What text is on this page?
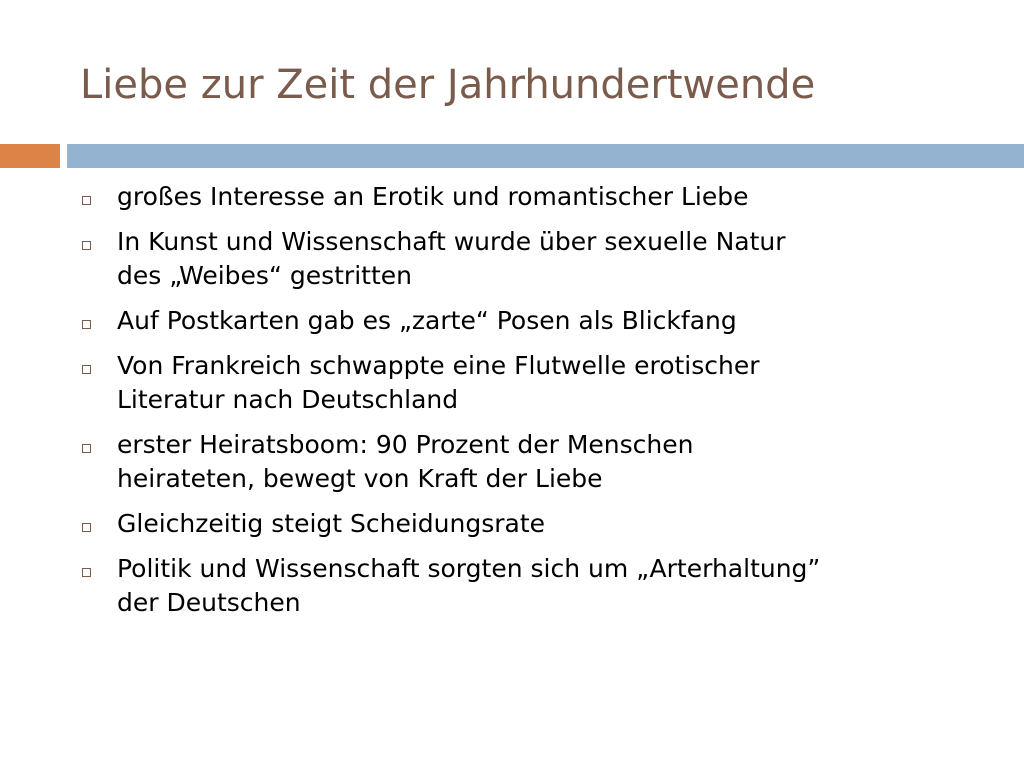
Liebe zur Zeit der Jahrhundertwende
großes Interesse an Erotik und romantischer Liebe
In Kunst und Wissenschaft wurde über sexuelle Natur
des „Weibes“ gestritten
Auf Postkarten gab es „zarte“ Posen als Blickfang
Von Frankreich schwappte eine Flutwelle erotischer
Literatur nach Deutschland
erster Heiratsboom: 90 Prozent der Menschen
heirateten, bewegt von Kraft der Liebe
Gleichzeitig steigt Scheidungsrate
Politik und Wissenschaft sorgten sich um „Arterhaltung”
der Deutschen
